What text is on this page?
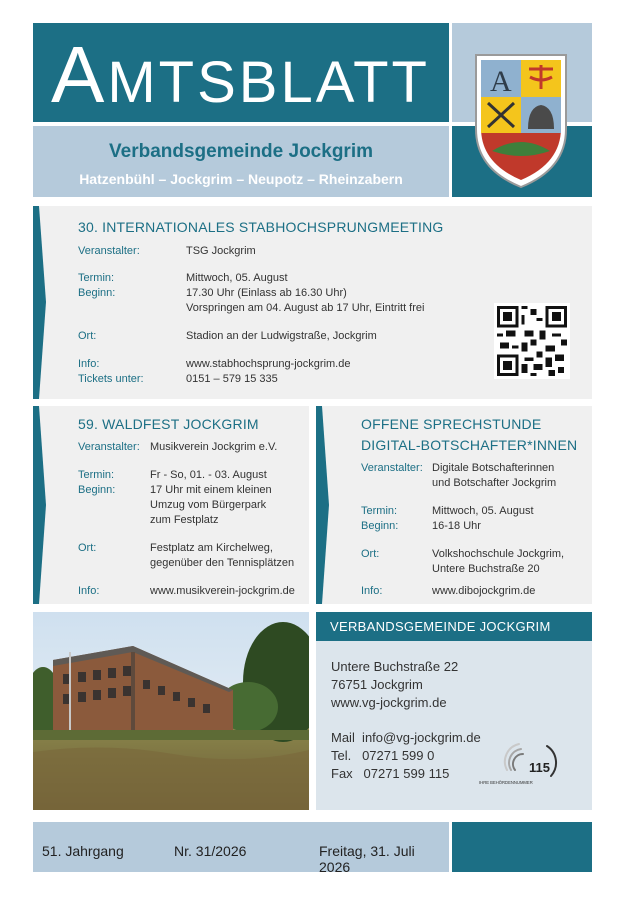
AMTSBLATT A
Verbandsgemeinde Jockgrim
Hatzenbühl – Jockgrim – Neupotz – Rheinzabern
30. INTERNATIONALES STABHOCHSPRUNGMEETING
Veranstalter:	TSG Jockgrim
Termin:	Mittwoch, 05. August
Beginn:	17.30 Uhr (Einlass ab 16.30 Uhr)
Vorspringen am 04. August ab 17 Uhr, Eintritt frei
Ort:	Stadion an der Ludwigstraße, Jockgrim
Info:	www.stabhochsprung-jockgrim.de
Tickets unter:	0151 – 579 15 335
59. WALDFEST JOCKGRIM
Veranstalter: Musikverein Jockgrim e.V.
Termin:	Fr - So, 01. - 03. August
Beginn:	17 Uhr mit einem kleinen
Umzug vom Bürgerpark
zum Festplatz
Ort:	Festplatz am Kirchelweg,
gegenüber den Tennisplätzen
Info:	www.musikverein-jockgrim.de
OFFENE SPRECHSTUNDE
DIGITAL-BOTSCHAFTER*INNEN
Veranstalter: Digitale Botschafterinnen
und Botschafter Jockgrim
Termin:	Mittwoch, 05. August
Beginn:	16-18 Uhr
Ort:	Volkshochschule Jockgrim,
Untere Buchstraße 20
Info:	www.dibojockgrim.de
VERBANDSGEMEINDE JOCKGRIM
Untere Buchstraße 22
76751 Jockgrim
www.vg-jockgrim.de
Mail  info@vg-jockgrim.de
Tel.   07271 599 0
Fax   07271 599 115	115
IHRE BEHÖRDENNUMMER
51. Jahrgang	Nr. 31/2026	Freitag, 31. Juli 2026
